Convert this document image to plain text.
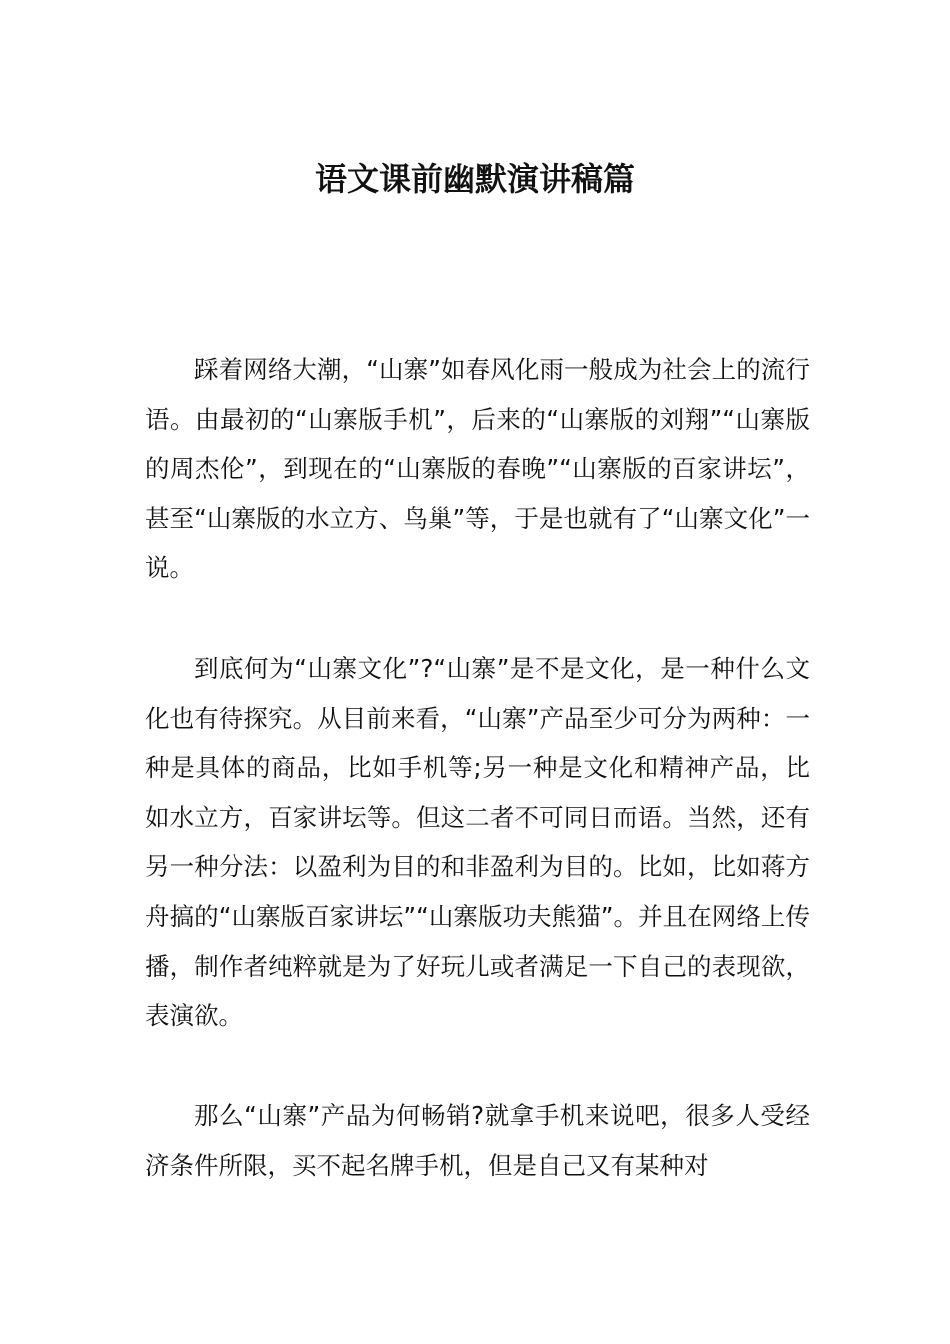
语文课前幽默演讲稿篇

踩着网络大潮，“山寨”如春风化雨一般成为社会上的流行语。由最初的“山寨版手机”，后来的“山寨版的刘翔”“山寨版的周杰伦”，到现在的“山寨版的春晚”“山寨版的百家讲坛”，甚至“山寨版的水立方、鸟巢”等，于是也就有了“山寨文化”一说。

到底何为“山寨文化”?“山寨”是不是文化，是一种什么文化也有待探究。从目前来看，“山寨”产品至少可分为两种：一种是具体的商品，比如手机等;另一种是文化和精神产品，比如水立方，百家讲坛等。但这二者不可同日而语。当然，还有另一种分法：以盈利为目的和非盈利为目的。比如，比如蒋方舟搞的“山寨版百家讲坛”“山寨版功夫熊猫”。并且在网络上传播，制作者纯粹就是为了好玩儿或者满足一下自己的表现欲，表演欲。

那么“山寨”产品为何畅销?就拿手机来说吧，很多人受经济条件所限，买不起名牌手机，但是自己又有某种对
